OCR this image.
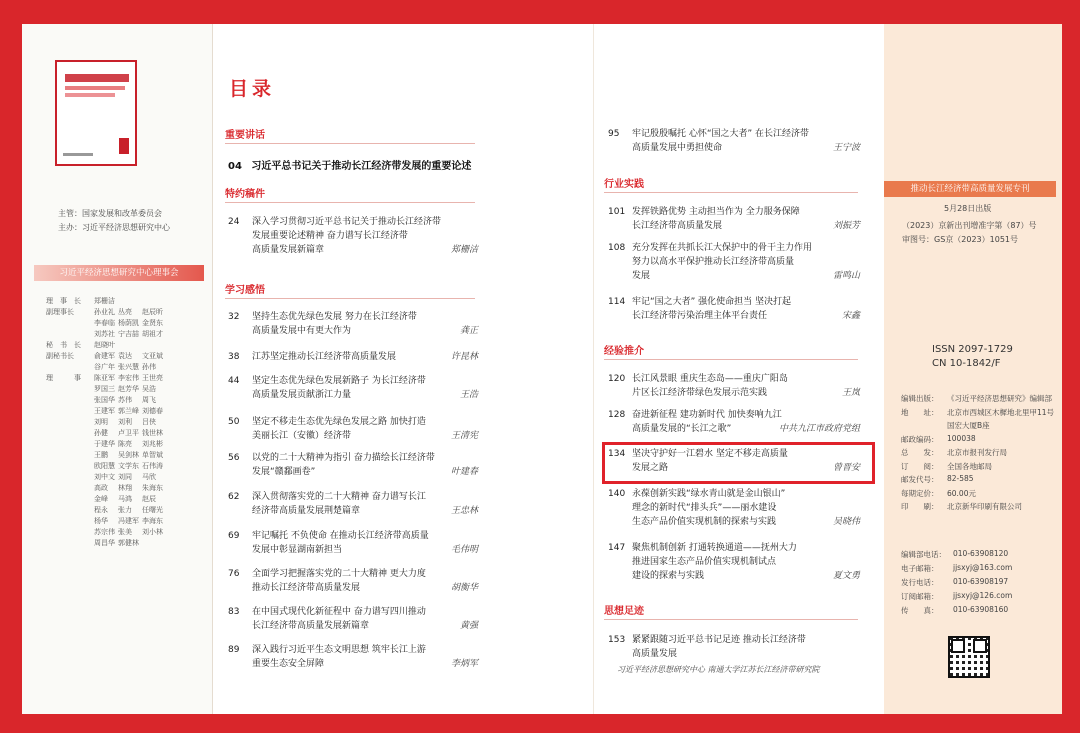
主管：国家发展和改革委员会
主办：习近平经济思想研究中心
习近平经济思想研究中心理事会
理　事　长	郑栅洁
副理事长	孙业礼 丛亮	赵辰昕
李春临 杨荫凯 金贤东
刘苏社 宁吉喆 胡祖才
秘　书　长	赵晓叶
副秘书长	俞建军 袁达	文亚斌
谷广年 张兴慧 孙伟
理　　　事	陈亚军 李宏伟 王世亮
罗国三 赵芳华 吴浩
张国华 苏伟	周飞
王建军 郭兰峰 刘德春
刘明	刘利	吕侠
孙健	卢卫平 钱世林
于建华 陈亮	刘兆彬
王鹏	吴剑林 单智斌
欧阳慧 文学东 石伟涛
刘中文 刘同	马欣
高政	林翔	朱海东
金峰	马鸿	赵辰
程永	张力	任曙光
杨华	冯建军 李海东
苏宗伟 张美	刘小林
周昌华 郭健林
目录
重要讲话
04 习近平总书记关于推动长江经济带发展的重要论述
特约稿件
学习感悟
行业实践
经验推介
思想足迹
24 深入学习贯彻习近平总书记关于推动长江经济带
发展重要论述精神 奋力谱写长江经济带
高质量发展新篇章	郑栅洁
32 坚持生态优先绿色发展 努力在长江经济带
高质量发展中有更大作为	龚正
38 江苏坚定推动长江经济带高质量发展	许昆林
44 坚定生态优先绿色发展新路子 为长江经济带
高质量发展贡献浙江力量	王浩
50 坚定不移走生态优先绿色发展之路 加快打造
美丽长江（安徽）经济带	王清宪
56 以党的二十大精神为指引 奋力描绘长江经济带
发展“赣鄱画卷”	叶建春
62 深入贯彻落实党的二十大精神 奋力谱写长江
经济带高质量发展荆楚篇章	王忠林
69 牢记嘱托 不负使命 在推动长江经济带高质量
发展中彰显湖南新担当	毛伟明
76 全面学习把握落实党的二十大精神 更大力度
推动长江经济带高质量发展	胡衡华
83 在中国式现代化新征程中 奋力谱写四川推动
长江经济带高质量发展新篇章	黄强
89 深入践行习近平生态文明思想 筑牢长江上游
重要生态安全屏障	李炳军
95 牢记殷殷嘱托 心怀“国之大者” 在长江经济带
高质量发展中勇担使命	王宁波
101 发挥铁路优势 主动担当作为 全力服务保障
长江经济带高质量发展	刘振芳
108 充分发挥在共抓长江大保护中的骨干主力作用
努力以高水平保护推动长江经济带高质量
发展	雷鸣山
114 牢记“国之大者” 强化使命担当 坚决打起
长江经济带污染治理主体平台责任	宋鑫
120 长江风景眼 重庆生态岛——重庆广阳岛
片区长江经济带绿色发展示范实践	王岚
128 奋进新征程 建功新时代 加快奏响九江
高质量发展的“长江之歌”	中共九江市政府党组
134 坚决守护好一江碧水 坚定不移走高质量
发展之路	曾晋安
140 永葆创新实践“绿水青山就是金山银山”
理念的新时代“排头兵”——丽水建设
生态产品价值实现机制的探索与实践	吴晓伟
147 聚焦机制创新 打通转换通道——抚州大力
推进国家生态产品价值实现机制试点
建设的探索与实践	夏文勇
153 紧紧跟随习近平总书记足迹 推动长江经济带
高质量发展
习近平经济思想研究中心 南通大学江苏长江经济带研究院
推动长江经济带高质量发展专刊
5月28日出版
（2023）京新出刊增准字第（87）号
审图号：GS京（2023）1051号
ISSN 2097-1729
CN 10-1842/F
编辑出版：	《习近平经济思想研究》编辑部
地　　址：	北京市西城区木樨地北里甲11号
国宏大厦B座
邮政编码：	100038
总　　发：	北京市报刊发行局
订　　阅：	全国各地邮局
邮发代号：	82-585
每期定价：	60.00元
印　　刷：	北京新华印刷有限公司
编辑部电话： 010-63908120
电子邮箱：	jjsxyj@163.com
发行电话：	010-63908197
订阅邮箱：	jjsxyj@126.com
传　　真：	010-63908160
